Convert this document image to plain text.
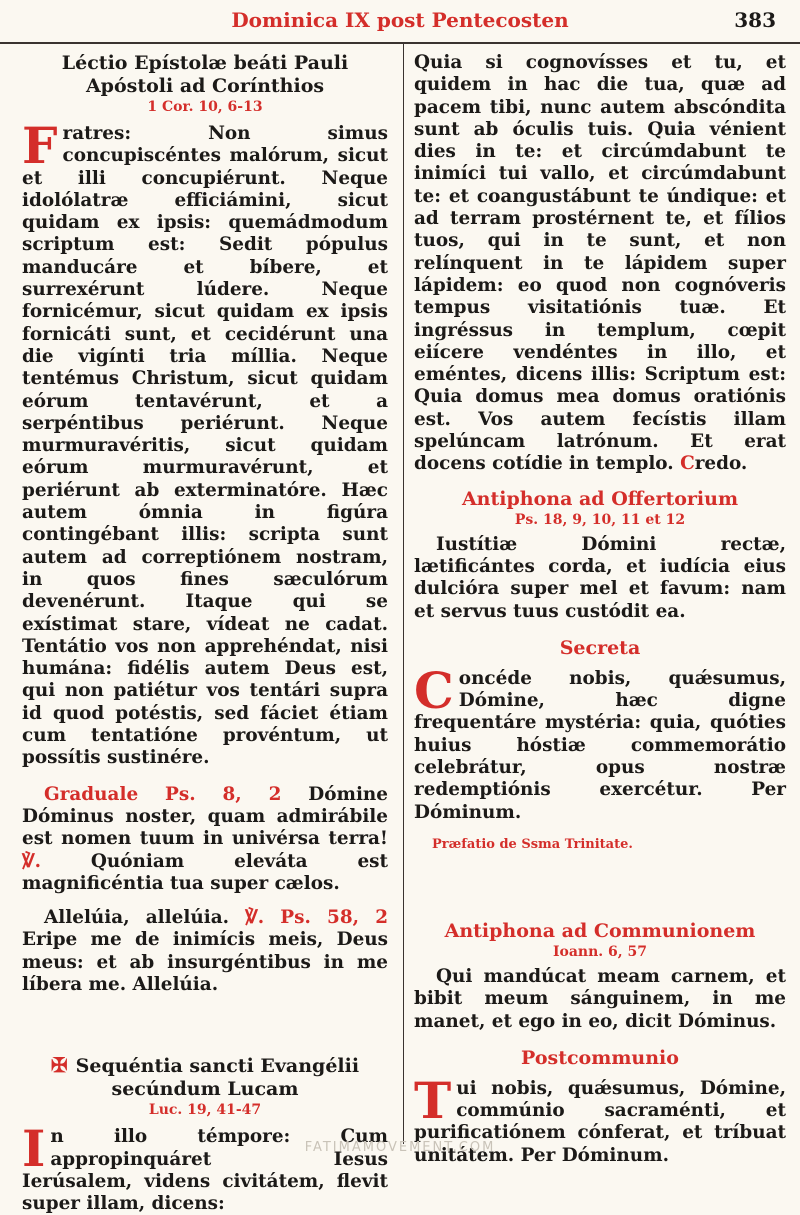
Dominica IX post Pentecosten	383
Léctio Epístolæ beáti Pauli Apóstoli ad Corínthios
1 Cor. 10, 6-13

Fratres: Non simus concupiscéntes malórum, sicut et illi concupiérunt. Neque idolólatræ efficiámini, sicut quidam ex ipsis: quemádmodum scriptum est: Sedit pópulus manducáre et bíbere, et surrexérunt lúdere. Neque fornicémur, sicut quidam ex ipsis fornicáti sunt, et cecidérunt una die vigínti tria míllia. Neque tentémus Christum, sicut quidam eórum tentavérunt, et a serpéntibus periérunt. Neque murmuravéritis, sicut quidam eórum murmuravérunt, et periérunt ab exterminatóre. Hæc autem ómnia in figúra contingébant illis: scripta sunt autem ad correptiónem nostram, in quos fines sæculórum devenérunt. Itaque qui se exístimat stare, vídeat ne cadat. Tentátio vos non apprehéndat, nisi humána: fidélis autem Deus est, qui non patiétur vos tentári supra id quod potéstis, sed fáciet étiam cum tentatióne provéntum, ut possítis sustinére.

Graduale Ps. 8, 2 Dómine Dóminus noster, quam admirábile est nomen tuum in univérsa terra! ℣.	Quóniam eleváta est magnificéntia tua super cælos.

Allelúia, allelúia. ℣. Ps. 58, 2 Eripe me de inimícis meis, Deus meus: et ab insurgéntibus in me líbera me. Allelúia.

✠ Sequéntia sancti Evangélii secúndum Lucam
Luc. 19, 41-47

In illo témpore: Cum appropinquáret Iesus Ierúsalem, videns civitátem, flevit super illam, dicens:

Quia si cognovísses et tu, et quidem in hac die tua, quæ ad pacem tibi, nunc autem abscóndita sunt ab óculis tuis. Quia vénient dies in te: et circúmdabunt te inimíci tui vallo, et circúmdabunt te: et coangustábunt te úndique: et ad terram prostérnent te, et fílios tuos, qui in te sunt, et non relínquent in te lápidem super lápidem: eo quod non cognóveris tempus visitatiónis tuæ. Et ingréssus in templum, cœpit eiícere vendéntes in illo, et eméntes, dicens illis: Scriptum est: Quia domus mea domus oratiónis est. Vos autem fecístis illam spelúncam latrónum. Et erat docens cotídie in templo. Credo.

Antiphona ad Offertorium
Ps. 18, 9, 10, 11 et 12

Iustítiæ Dómini rectæ, lætificántes corda, et iudícia eius dulcióra super mel et favum: nam et servus tuus custódit ea.

Secreta

Concéde nobis, quǽsumus, Dómine, hæc digne frequentáre mystéria: quia, quóties huius hóstiæ commemorátio celebrátur, opus nostræ redemptiónis exercétur. Per Dóminum.

Præfatio de Ssma Trinitate.
Antiphona ad Communionem
Ioann. 6, 57

Qui mandúcat meam carnem, et bibit meum sánguinem, in me manet, et ego in eo, dicit Dóminus.

Postcommunio

Tui nobis, quǽsumus, Dómine, commúnio sacraménti, et purificatiónem cónferat, et tríbuat unitátem. Per Dóminum.

FATIMAMOVEMENT.COM
